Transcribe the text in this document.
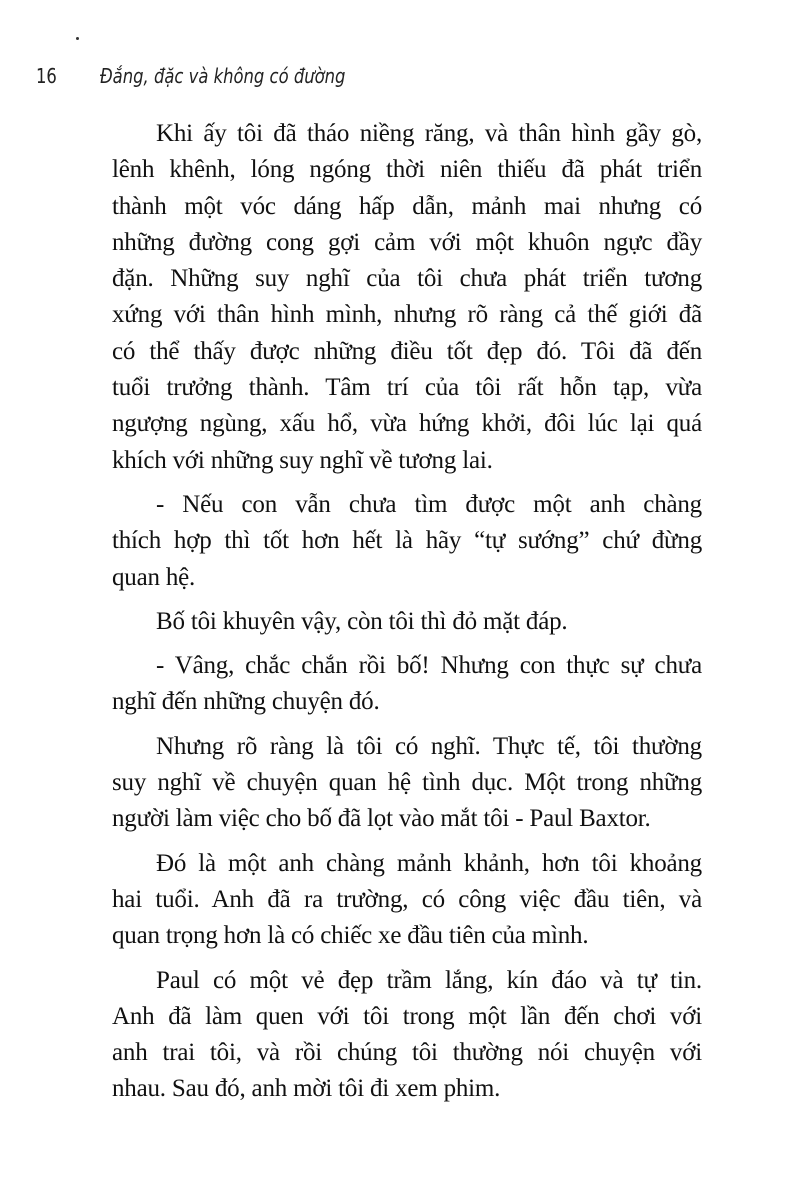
16 Đắng, đặc và không có đường
Khi ấy tôi đã tháo niềng răng, và thân hình gầy gò,
lênh khênh, lóng ngóng thời niên thiếu đã phát triển
thành một vóc dáng hấp dẫn, mảnh mai nhưng có
những đường cong gợi cảm với một khuôn ngực đầy
đặn. Những suy nghĩ của tôi chưa phát triển tương
xứng với thân hình mình, nhưng rõ ràng cả thế giới đã
có thể thấy được những điều tốt đẹp đó. Tôi đã đến
tuổi trưởng thành. Tâm trí của tôi rất hỗn tạp, vừa
ngượng ngùng, xấu hổ, vừa hứng khởi, đôi lúc lại quá
khích với những suy nghĩ về tương lai.
- Nếu con vẫn chưa tìm được một anh chàng
thích hợp thì tốt hơn hết là hãy “tự sướng” chứ đừng
quan hệ.
Bố tôi khuyên vậy, còn tôi thì đỏ mặt đáp.
- Vâng, chắc chắn rồi bố! Nhưng con thực sự chưa
nghĩ đến những chuyện đó.
Nhưng rõ ràng là tôi có nghĩ. Thực tế, tôi thường
suy nghĩ về chuyện quan hệ tình dục. Một trong những
người làm việc cho bố đã lọt vào mắt tôi - Paul Baxtor.
Đó là một anh chàng mảnh khảnh, hơn tôi khoảng
hai tuổi. Anh đã ra trường, có công việc đầu tiên, và
quan trọng hơn là có chiếc xe đầu tiên của mình.
Paul có một vẻ đẹp trầm lắng, kín đáo và tự tin.
Anh đã làm quen với tôi trong một lần đến chơi với
anh trai tôi, và rồi chúng tôi thường nói chuyện với
nhau. Sau đó, anh mời tôi đi xem phim.
